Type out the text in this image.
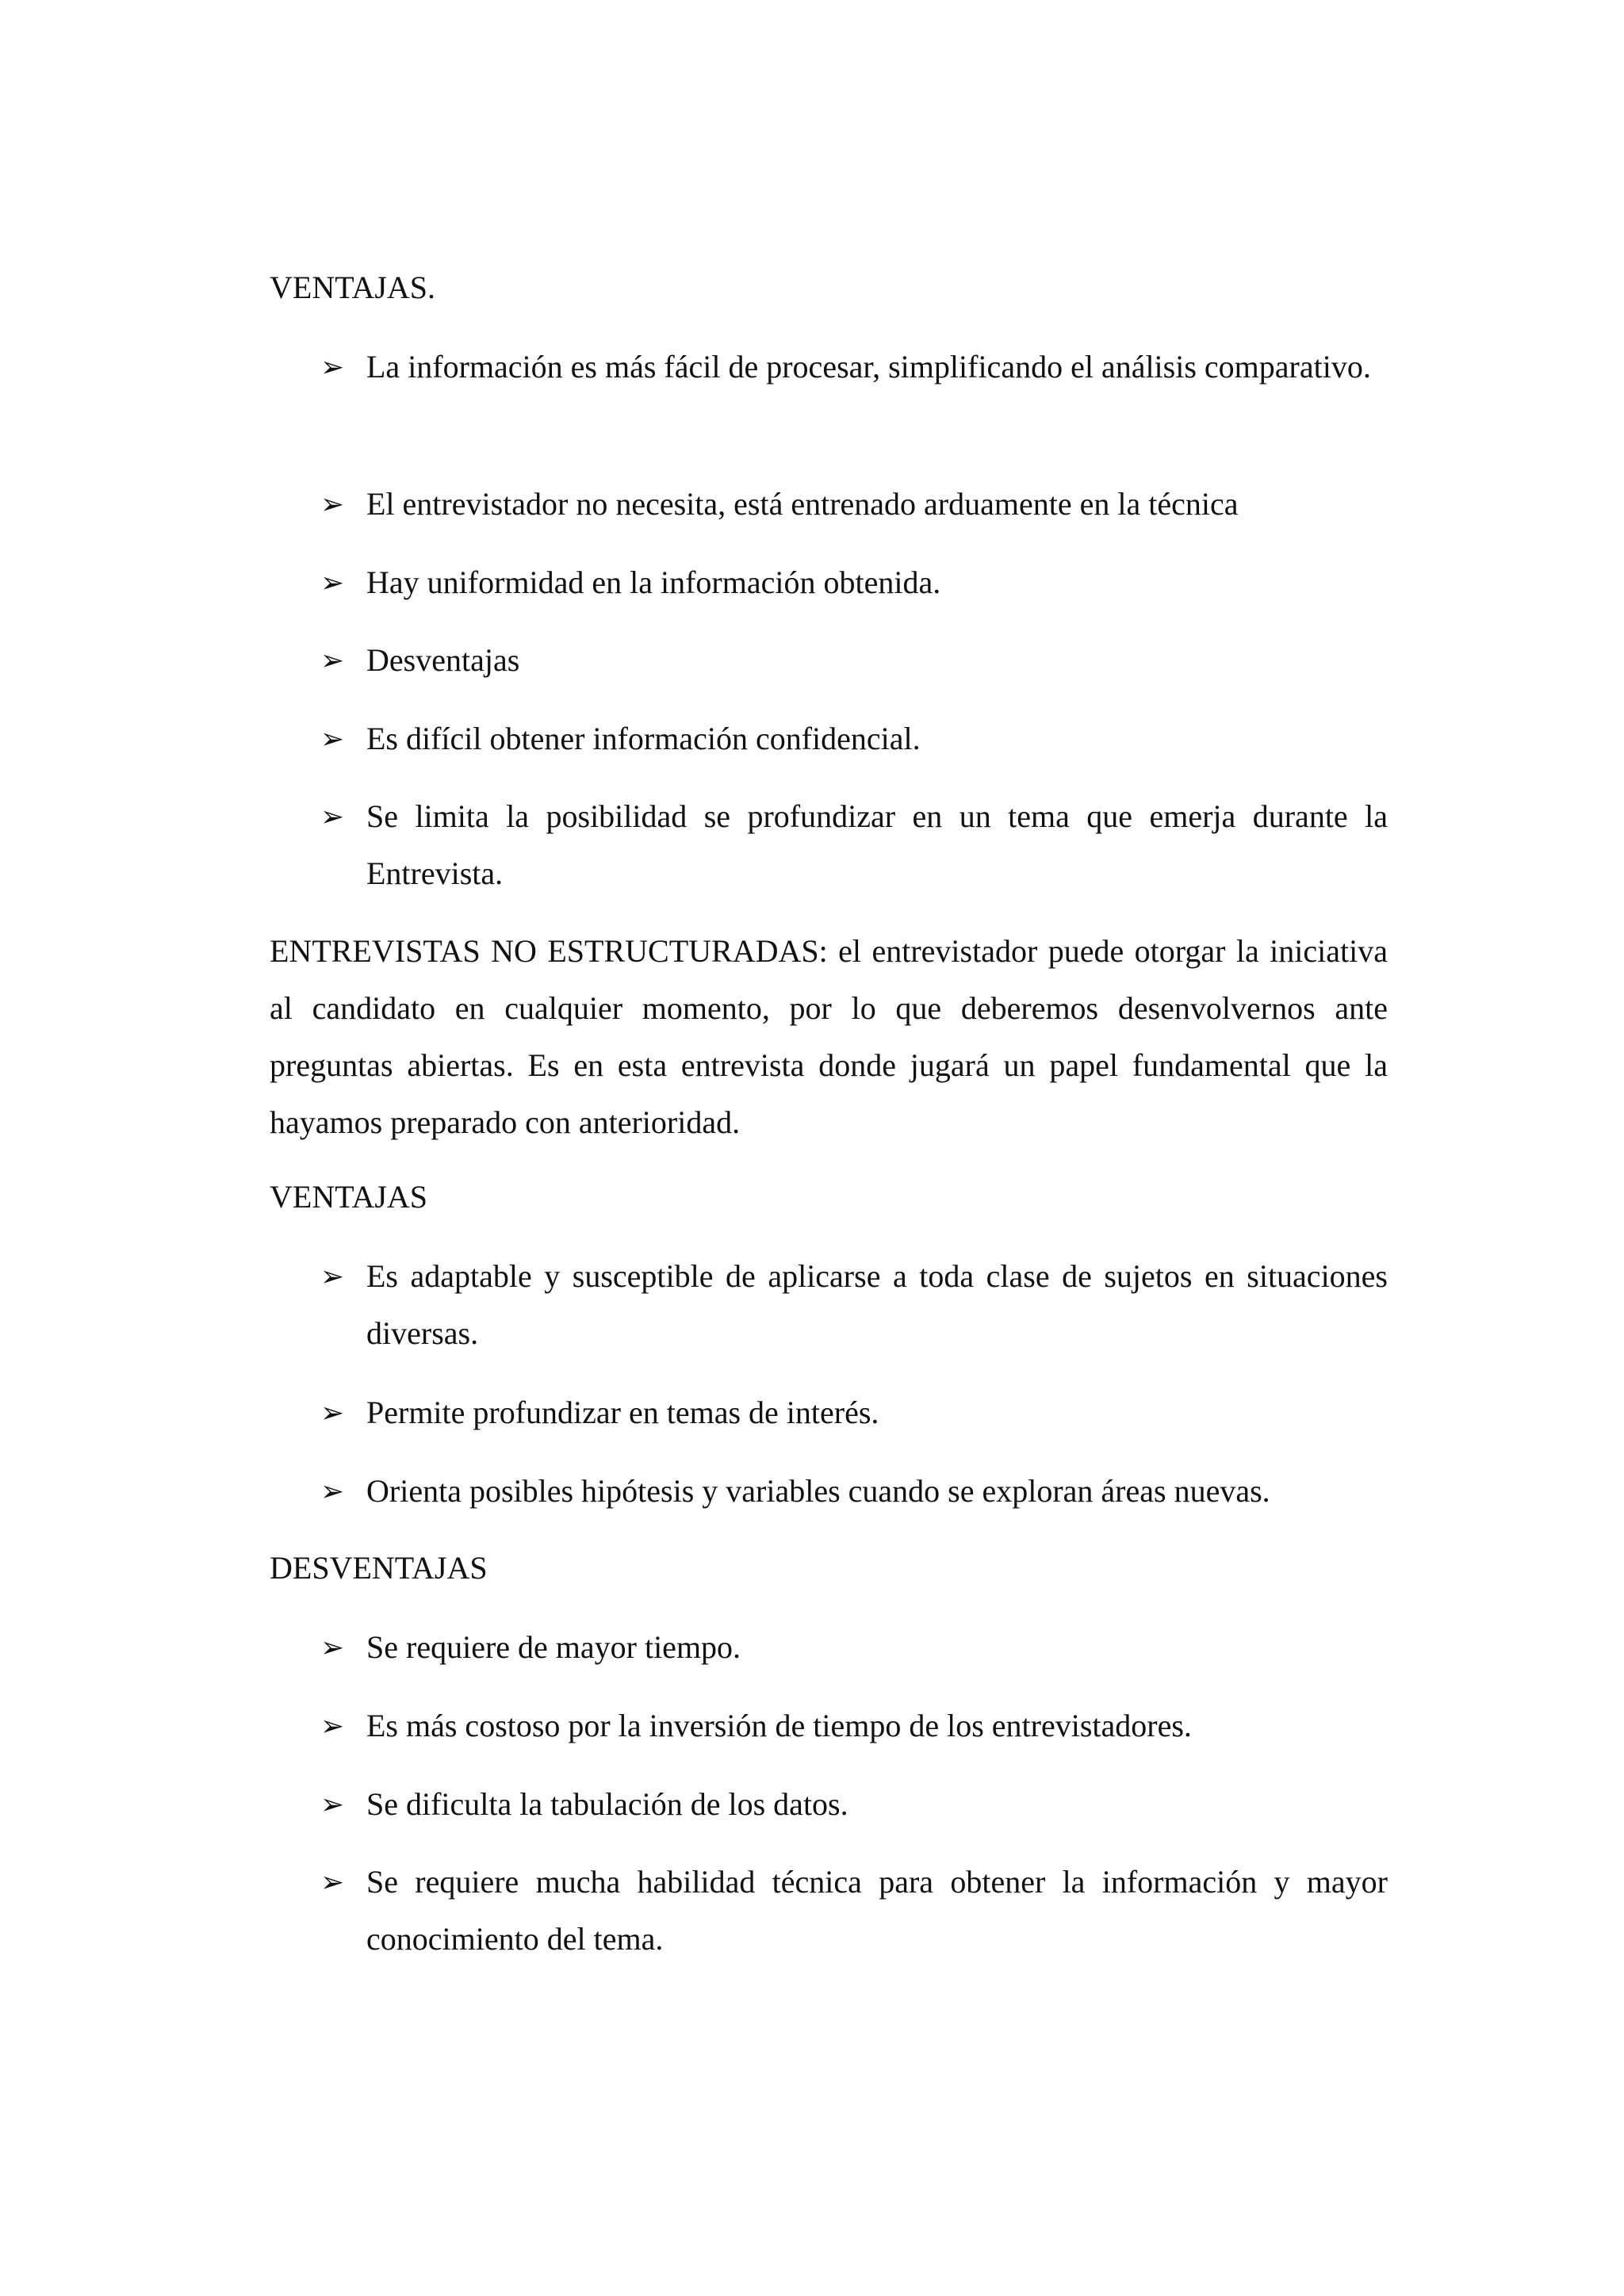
VENTAJAS.
➢ La información es más fácil de procesar, simplificando el análisis comparativo.
➢ El entrevistador no necesita, está entrenado arduamente en la técnica
➢ Hay uniformidad en la información obtenida.
➢ Desventajas
➢ Es difícil obtener información confidencial.
➢ Se limita la posibilidad se profundizar en un tema que emerja durante la Entrevista.

ENTREVISTAS NO ESTRUCTURADAS: el entrevistador puede otorgar la iniciativa al candidato en cualquier momento, por lo que deberemos desenvolvernos ante preguntas abiertas. Es en esta entrevista donde jugará un papel fundamental que la hayamos preparado con anterioridad.

VENTAJAS
➢ Es adaptable y susceptible de aplicarse a toda clase de sujetos en situaciones diversas.
➢ Permite profundizar en temas de interés.
➢ Orienta posibles hipótesis y variables cuando se exploran áreas nuevas.
DESVENTAJAS
➢ Se requiere de mayor tiempo.
➢ Es más costoso por la inversión de tiempo de los entrevistadores.
➢ Se dificulta la tabulación de los datos.
➢ Se requiere mucha habilidad técnica para obtener la información y mayor conocimiento del tema.
